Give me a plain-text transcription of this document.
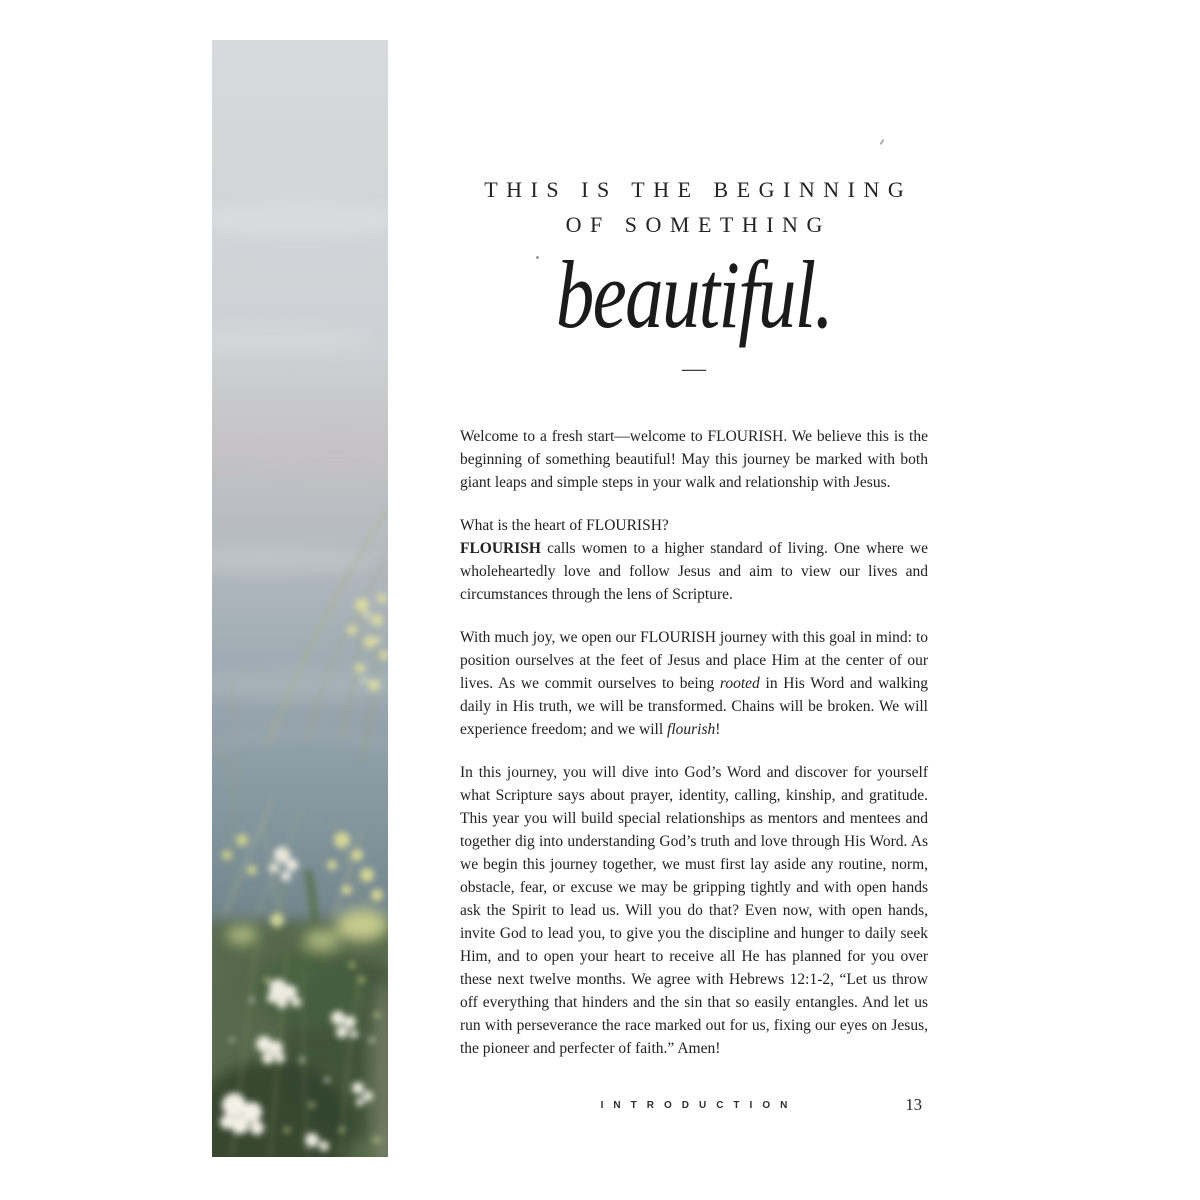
THIS IS THE BEGINNING
OF SOMETHING
beautiful.
—

Welcome to a fresh start—welcome to FLOURISH. We believe this is the beginning of something beautiful! May this journey be marked with both giant leaps and simple steps in your walk and relationship with Jesus.

What is the heart of FLOURISH?

FLOURISH calls women to a higher standard of living. One where we wholeheartedly love and follow Jesus and aim to view our lives and circumstances through the lens of Scripture.

With much joy, we open our FLOURISH journey with this goal in mind: to position ourselves at the feet of Jesus and place Him at the center of our lives. As we commit ourselves to being rooted in His Word and walking daily in His truth, we will be transformed. Chains will be broken. We will experience freedom; and we will flourish!

In this journey, you will dive into God’s Word and discover for yourself what Scripture says about prayer, identity, calling, kinship, and gratitude. This year you will build special relationships as mentors and mentees and together dig into understanding God’s truth and love through His Word. As we begin this journey together, we must first lay aside any routine, norm, obstacle, fear, or excuse we may be gripping tightly and with open hands ask the Spirit to lead us. Will you do that? Even now, with open hands, invite God to lead you, to give you the discipline and hunger to daily seek Him, and to open your heart to receive all He has planned for you over these next twelve months. We agree with Hebrews 12:1-2, “Let us throw off everything that hinders and the sin that so easily entangles. And let us run with perseverance the race marked out for us, fixing our eyes on Jesus, the pioneer and perfecter of faith.” Amen!

INTRODUCTION	13
